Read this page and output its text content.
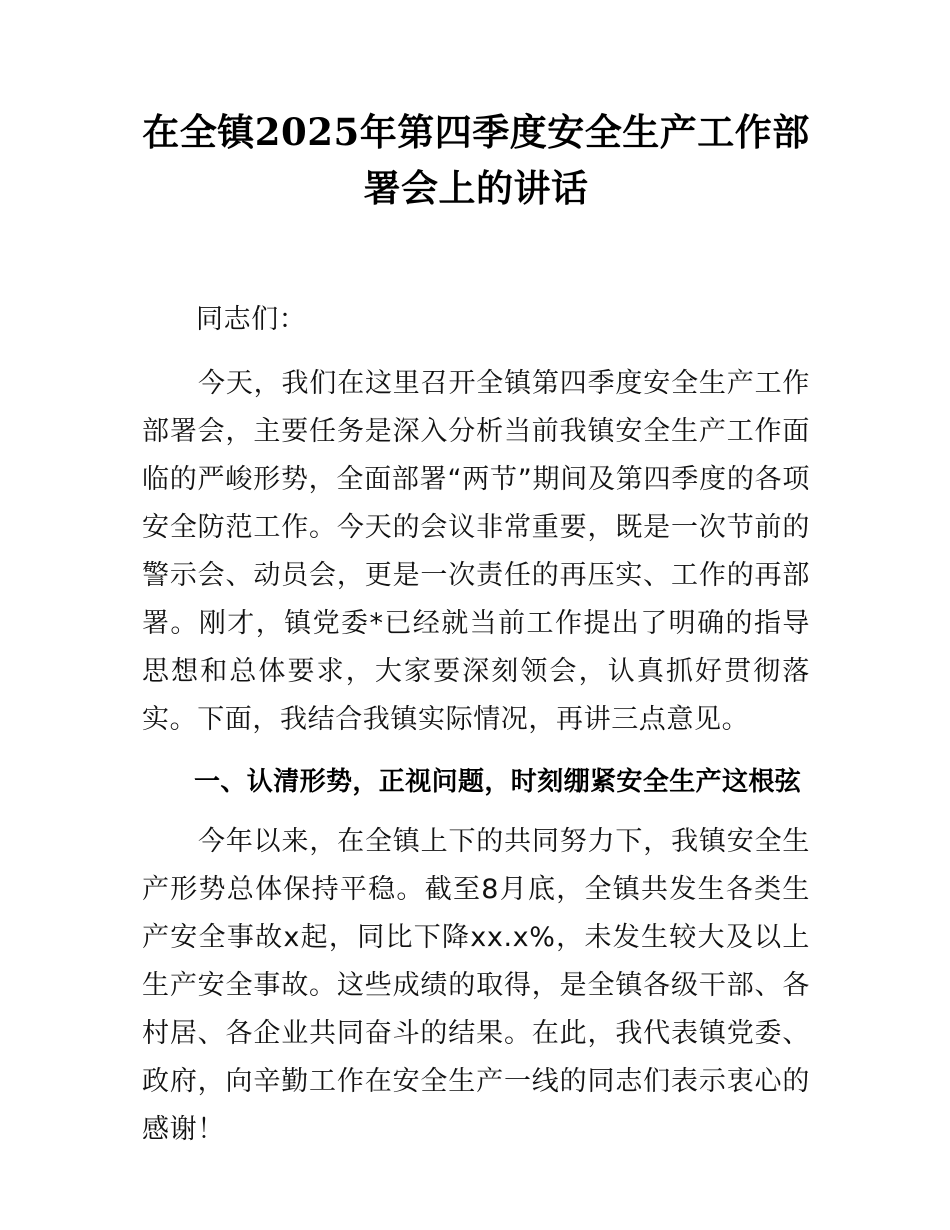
在全镇2025年第四季度安全生产工作部署会上的讲话

同志们：

今天，我们在这里召开全镇第四季度安全生产工作部署会，主要任务是深入分析当前我镇安全生产工作面临的严峻形势，全面部署“两节”期间及第四季度的各项安全防范工作。今天的会议非常重要，既是一次节前的警示会、动员会，更是一次责任的再压实、工作的再部署。刚才，镇党委*已经就当前工作提出了明确的指导思想和总体要求，大家要深刻领会，认真抓好贯彻落实。下面，我结合我镇实际情况，再讲三点意见。

一、认清形势，正视问题，时刻绷紧安全生产这根弦

今年以来，在全镇上下的共同努力下，我镇安全生产形势总体保持平稳。截至8月底，全镇共发生各类生产安全事故x起，同比下降xx.x%，未发生较大及以上生产安全事故。这些成绩的取得，是全镇各级干部、各村居、各企业共同奋斗的结果。在此，我代表镇党委、政府，向辛勤工作在安全生产一线的同志们表示衷心的感谢！
